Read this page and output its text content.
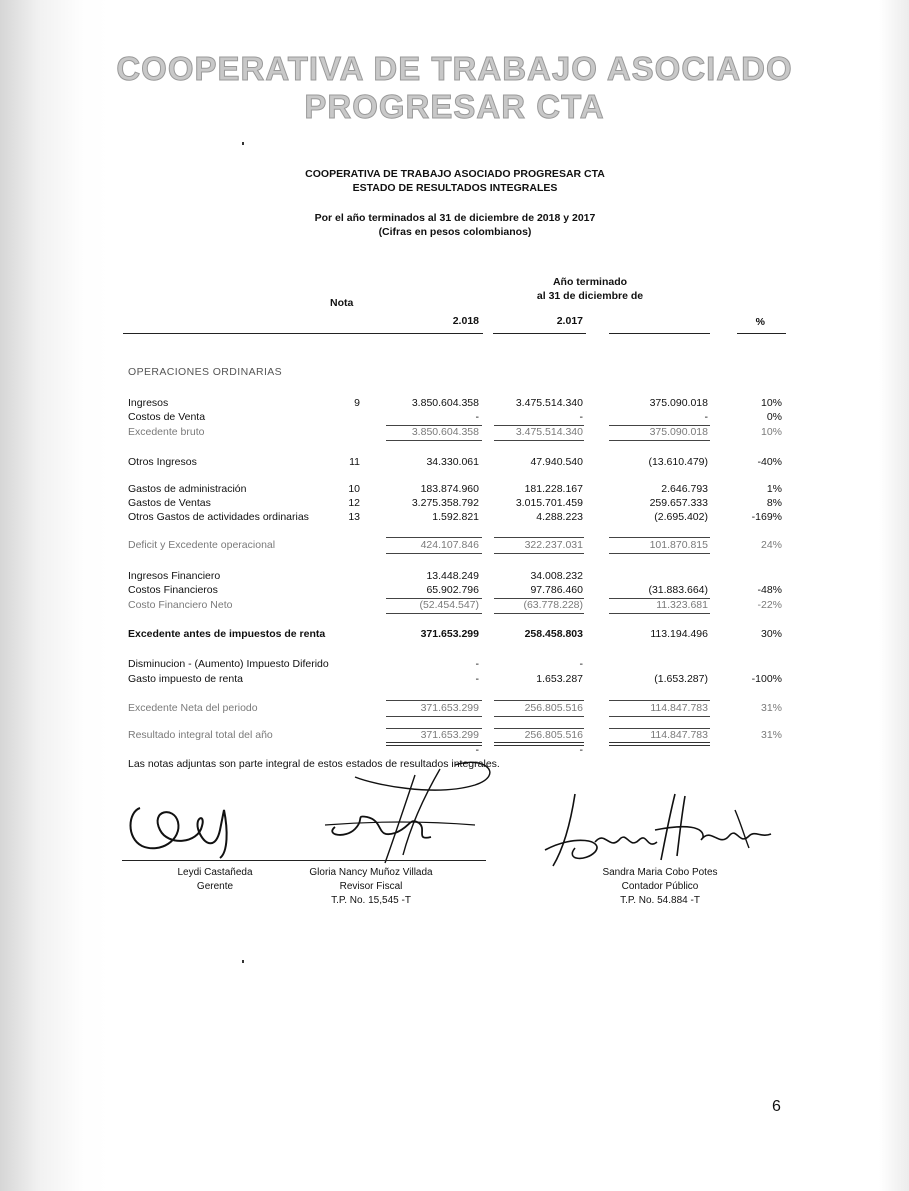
COOPERATIVA DE TRABAJO ASOCIADO
PROGRESAR CTA
COOPERATIVA DE TRABAJO ASOCIADO PROGRESAR CTA
ESTADO DE RESULTADOS INTEGRALES
Por el año terminados al 31 de diciembre de 2018 y 2017
(Cifras en pesos colombianos)
Año terminado
al 31 de diciembre de
Nota
2.018	2.017	%
OPERACIONES ORDINARIAS
Ingresos	9	3.850.604.358	3.475.514.340	375.090.018	10%
Costos de Venta	-	-	-	0%
Excedente bruto	3.850.604.358	3.475.514.340	375.090.018	10%
Otros Ingresos	11	34.330.061	47.940.540	(13.610.479)	-40%
Gastos de administración	10	183.874.960	181.228.167	2.646.793	1%
Gastos de Ventas	12	3.275.358.792	3.015.701.459	259.657.333	8%
Otros Gastos de actividades ordinarias	13	1.592.821	4.288.223	(2.695.402)	-169%
Deficit y Excedente operacional	424.107.846	322.237.031	101.870.815	24%
Ingresos Financiero	13.448.249	34.008.232
Costos Financieros	65.902.796	97.786.460	(31.883.664)	-48%
Costo Financiero Neto	(52.454.547)	(63.778.228)	11.323.681	-22%
Excedente antes de impuestos de renta	371.653.299	258.458.803	113.194.496	30%
Disminucion - (Aumento) Impuesto Diferido	-	-
Gasto impuesto de renta	-	1.653.287	(1.653.287)	-100%
Excedente Neta del periodo	371.653.299	256.805.516	114.847.783	31%
Resultado integral total del año	371.653.299	256.805.516	114.847.783	31%
-	-
Las notas adjuntas son parte integral de estos estados de resultados integrales.
Leydi Castañeda
Gerente
Gloria Nancy Muñoz Villada
Revisor Fiscal
T.P. No. 15,545 -T
Sandra Maria Cobo Potes
Contador Público
T.P. No. 54.884 -T
6
